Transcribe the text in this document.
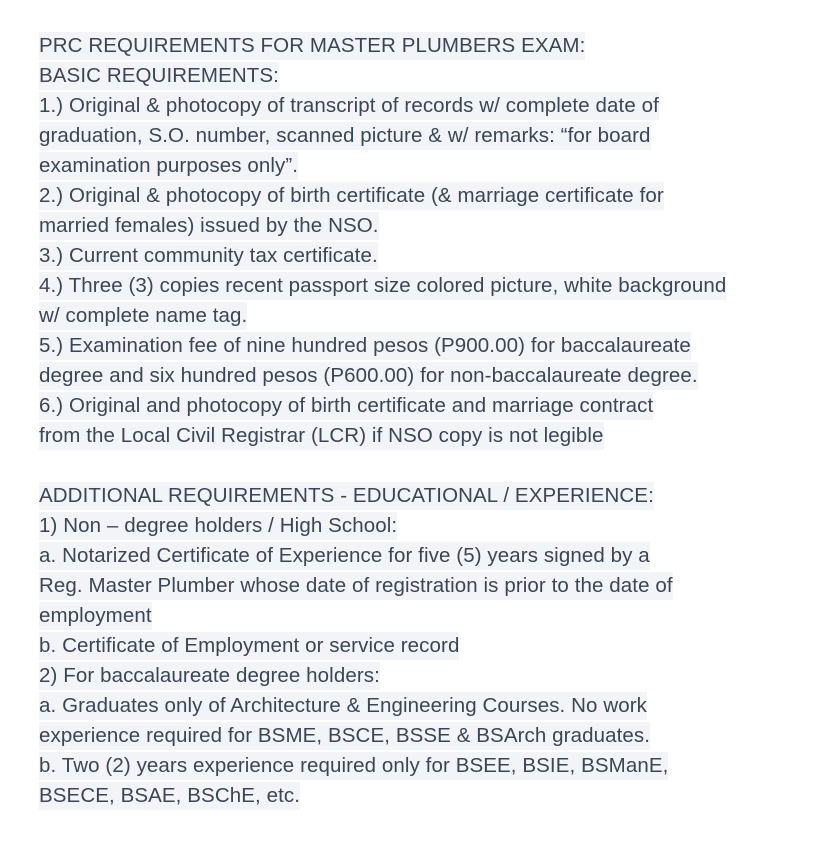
PRC REQUIREMENTS FOR MASTER PLUMBERS EXAM:
BASIC REQUIREMENTS:
1.) Original & photocopy of transcript of records w/ complete date of
graduation, S.O. number, scanned picture & w/ remarks: “for board
examination purposes only”.
2.) Original & photocopy of birth certificate (& marriage certificate for
married females) issued by the NSO.
3.) Current community tax certificate.
4.) Three (3) copies recent passport size colored picture, white background
w/ complete name tag.
5.) Examination fee of nine hundred pesos (P900.00) for baccalaureate
degree and six hundred pesos (P600.00) for non-baccalaureate degree.
6.) Original and photocopy of birth certificate and marriage contract
from the Local Civil Registrar (LCR) if NSO copy is not legible
ADDITIONAL REQUIREMENTS - EDUCATIONAL / EXPERIENCE:
1) Non – degree holders / High School:
a. Notarized Certificate of Experience for five (5) years signed by a
Reg. Master Plumber whose date of registration is prior to the date of
employment
b. Certificate of Employment or service record
2) For baccalaureate degree holders:
a. Graduates only of Architecture & Engineering Courses. No work
experience required for BSME, BSCE, BSSE & BSArch graduates.
b. Two (2) years experience required only for BSEE, BSIE, BSManE,
BSECE, BSAE, BSChE, etc.
